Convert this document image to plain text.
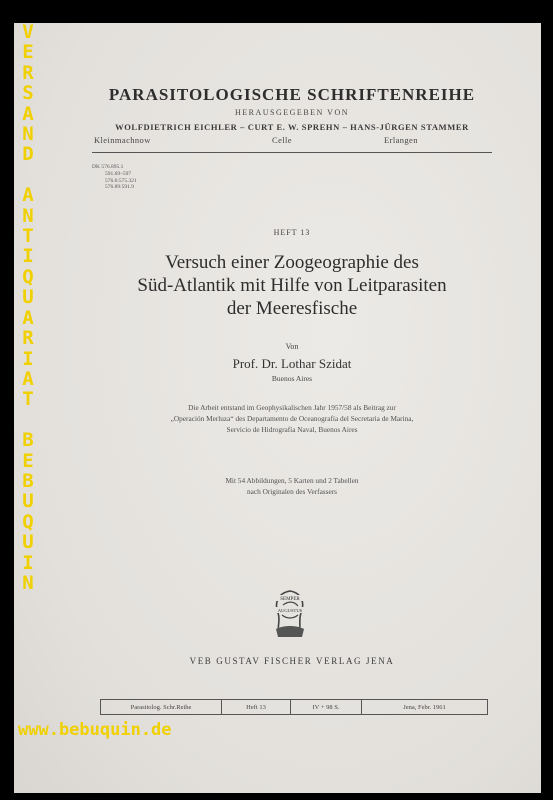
PARASITOLOGISCHE SCHRIFTENREIHE
HERAUSGEGEBEN VON
WOLFDIETRICH EICHLER – CURT E. W. SPREHN – HANS-JÜRGEN STAMMER
Kleinmachnow	Celle	Erlangen
DK 576.895.1
591.69–597
576.6:575.321
576.89:591.9
HEFT 13
Versuch einer Zoogeographie des
Süd-Atlantik mit Hilfe von Leitparasiten
der Meeresfische
Von
Prof. Dr. Lothar Szidat
Buenos Aires
Die Arbeit entstand im Geophysikalischen Jahr 1957/58 als Beitrag zur
„Operación Merluza“ des Departamento de Oceanografía del Secretaria de Marina,
Servicio de Hidrografía Naval, Buenos Aires
Mit 54 Abbildungen, 5 Karten und 2 Tabellen
nach Originalen des Verfassers
SEMPER
AUGUSTUS
VEB GUSTAV FISCHER VERLAG JENA
Parasitolog. Schr.Reihe	Heft 13	IV + 98 S.	Jena, Febr. 1961
V
E
R
S
A
N
D

A
N
T
I
Q
U
A
R
I
A
T

B
E
B
U
Q
U
I
N
www.bebuquin.de
